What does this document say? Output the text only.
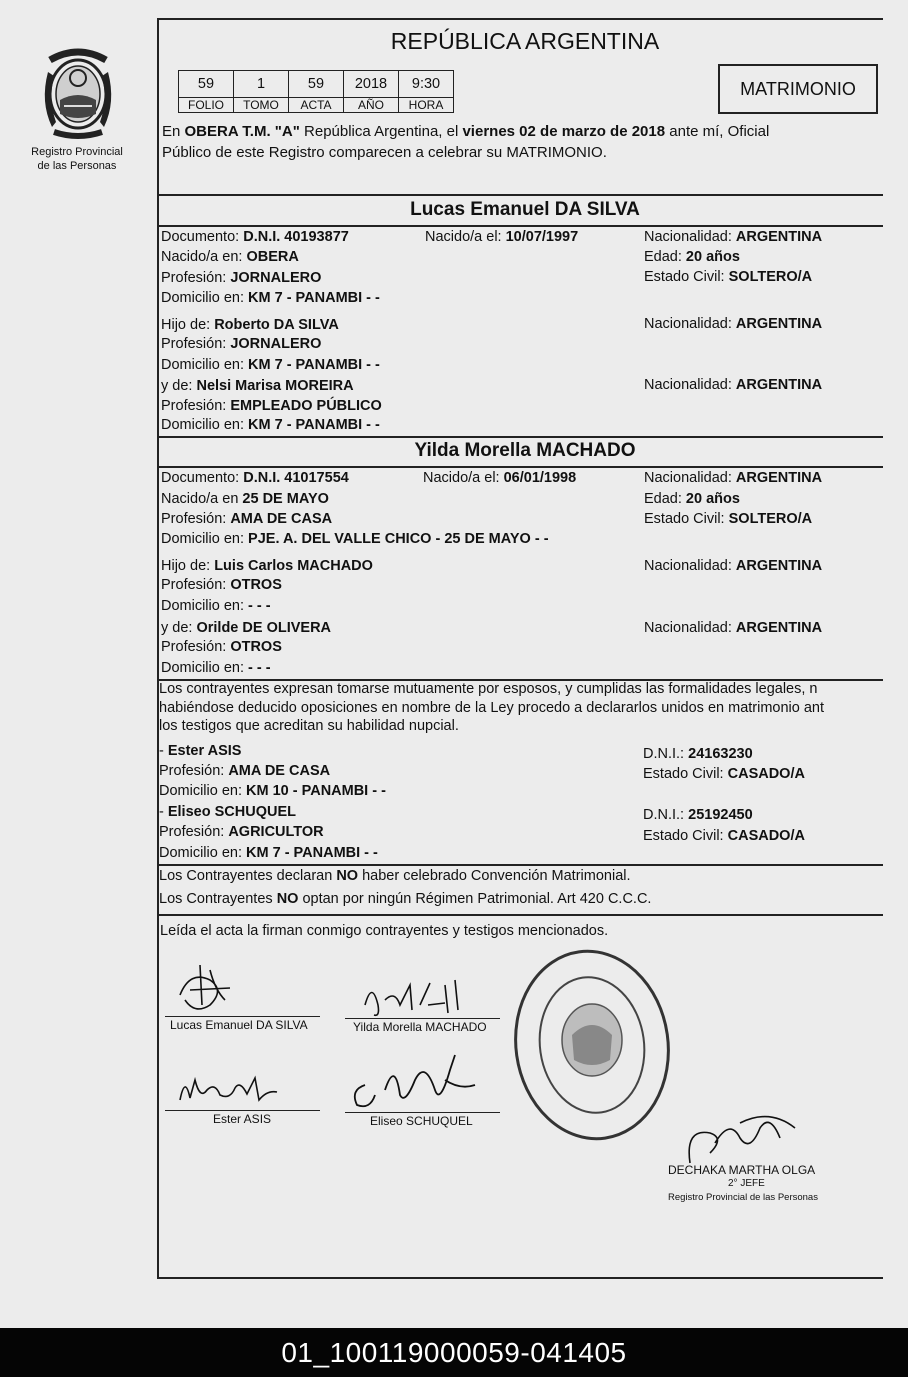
Registro Provincial
de las Personas
REPÚBLICA ARGENTINA
59	1	59	2018	9:30
FOLIO	TOMO	ACTA	AÑO	HORA
MATRIMONIO
En OBERA T.M. "A" República Argentina, el viernes 02 de marzo de 2018 ante mí, Oficial
Público de este Registro comparecen a celebrar su MATRIMONIO.
Lucas Emanuel DA SILVA
Documento: D.N.I. 40193877	Nacido/a el: 10/07/1997	Nacionalidad: ARGENTINA
Nacido/a en: OBERA	Edad: 20 años
Profesión: JORNALERO	Estado Civil: SOLTERO/A
Domicilio en: KM 7 - PANAMBI - -
Hijo de: Roberto DA SILVA	Nacionalidad: ARGENTINA
Profesión: JORNALERO
Domicilio en: KM 7 - PANAMBI - -
y de: Nelsi Marisa MOREIRA	Nacionalidad: ARGENTINA
Profesión: EMPLEADO PÚBLICO
Domicilio en: KM 7 - PANAMBI - -
Yilda Morella MACHADO
Documento: D.N.I. 41017554	Nacido/a el: 06/01/1998	Nacionalidad: ARGENTINA
Nacido/a en 25 DE MAYO	Edad: 20 años
Profesión: AMA DE CASA	Estado Civil: SOLTERO/A
Domicilio en: PJE. A. DEL VALLE CHICO - 25 DE MAYO - -
Hijo de: Luis Carlos MACHADO	Nacionalidad: ARGENTINA
Profesión: OTROS
Domicilio en: - - -
y de: Orilde DE OLIVERA	Nacionalidad: ARGENTINA
Profesión: OTROS
Domicilio en: - - -
Los contrayentes expresan tomarse mutuamente por esposos, y cumplidas las formalidades legales, n
habiéndose deducido oposiciones en nombre de la Ley procedo a declararlos unidos en matrimonio ant
los testigos que acreditan su habilidad nupcial.
- Ester ASIS	D.N.I.: 24163230
Profesión: AMA DE CASA	Estado Civil: CASADO/A
Domicilio en: KM 10 - PANAMBI - -
- Eliseo SCHUQUEL	D.N.I.: 25192450
Profesión: AGRICULTOR	Estado Civil: CASADO/A
Domicilio en: KM 7 - PANAMBI - -
Los Contrayentes declaran NO haber celebrado Convención Matrimonial.
Los Contrayentes NO optan por ningún Régimen Patrimonial. Art 420 C.C.C.
Leída el acta la firman conmigo contrayentes y testigos mencionados.
Lucas Emanuel DA SILVA	Yilda Morella MACHADO
Ester ASIS	Eliseo SCHUQUEL
DECHAKA MARTHA OLGA
2° JEFE
Registro Provincial de las Personas
01_100119000059-041405
